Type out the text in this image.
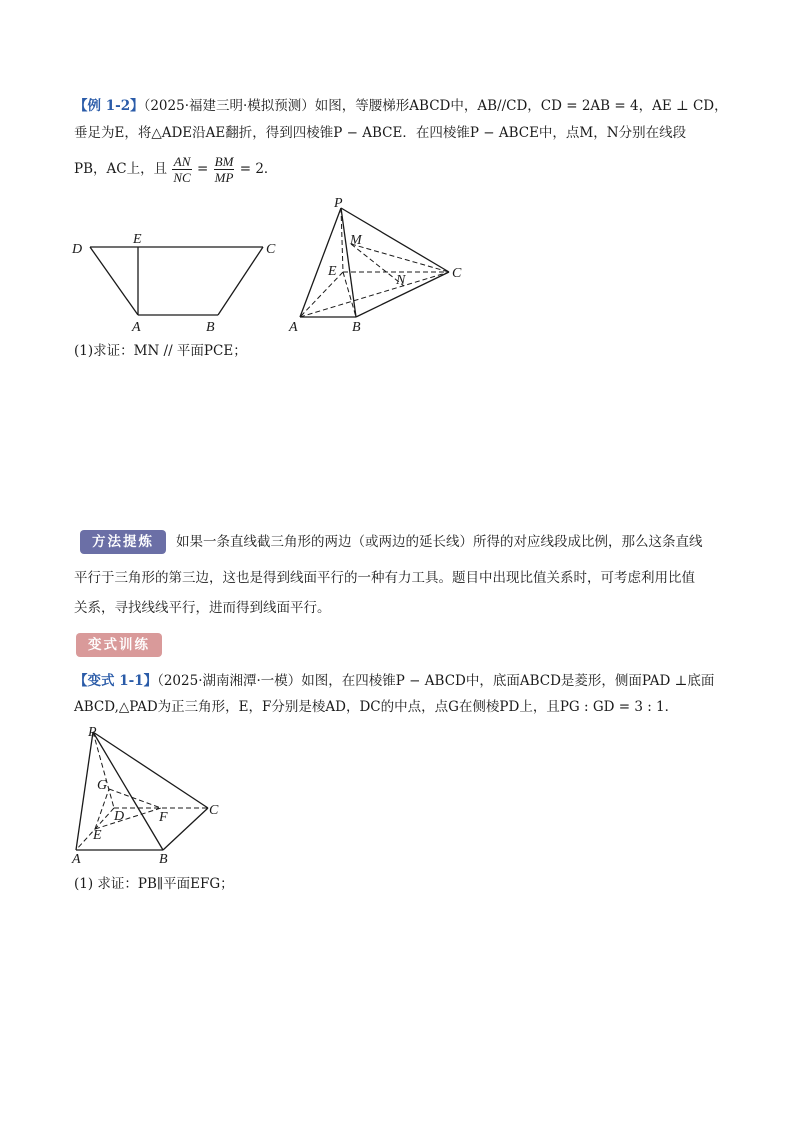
【例 1-2】（2025·福建三明·模拟预测）如图，等腰梯形ABCD中，AB//CD，CD = 2AB = 4，AE ⊥ CD，
垂足为E，将△ADE沿AE翻折，得到四棱锥P − ABCE．在四棱锥P − ABCE中，点M，N分别在线段
PB，AC上，且 $\frac{AN}{NC} = \frac{BM}{MP} = 2$．
D
E
C
A	B
P
M
E
N	C
A	B
(1)求证：MN // 平面PCE；
方法提炼	如果一条直线截三角形的两边（或两边的延长线）所得的对应线段成比例，那么这条直线
平行于三角形的第三边，这也是得到线面平行的一种有力工具。题目中出现比值关系时，可考虑利用比值
关系，寻找线线平行，进而得到线面平行。
变式训练
【变式 1-1】（2025·湖南湘潭·一模）如图，在四棱锥P − ABCD中，底面ABCD是菱形，侧面PAD ⊥底面
ABCD,△PAD为正三角形，E，F分别是棱AD，DC的中点，点G在侧棱PD上，且PG : GD = 3 : 1．
P
G
D F	C
E
A	B
(1) 求证：PB∥平面EFG；
